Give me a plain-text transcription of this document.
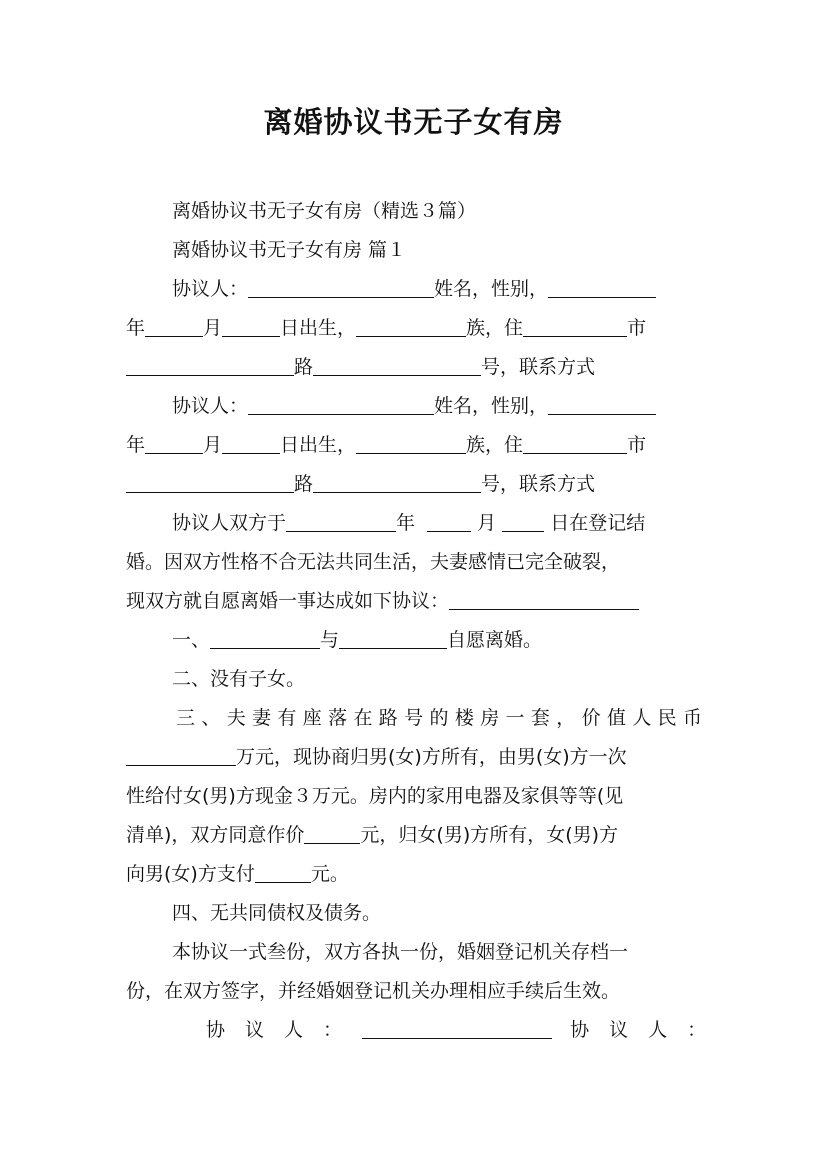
离婚协议书无子女有房
离婚协议书无子女有房（精选３篇）
离婚协议书无子女有房 篇１
协议人：	姓名，性别，
年	月	日出生，	族，住	市
路	号，联系方式
协议人：	姓名，性别，
年	月	日出生，	族，住	市
路	号，联系方式
协议人双方于	年	月	日在登记结
婚。因双方性格不合无法共同生活，夫妻感情已完全破裂，
现双方就自愿离婚一事达成如下协议：
一、	与	自愿离婚。
二、没有子女。
三、夫妻有座落在路号的楼房一套，价值人民币
万元，现协商归男(女)方所有，由男(女)方一次
性给付女(男)方现金３万元。房内的家用电器及家俱等等(见
清单)，双方同意作价	元，归女(男)方所有，女(男)方
向男(女)方支付	元。
四、无共同债权及债务。
本协议一式叁份，双方各执一份，婚姻登记机关存档一
份，在双方签字，并经婚姻登记机关办理相应手续后生效。
协议人：	协议人：
